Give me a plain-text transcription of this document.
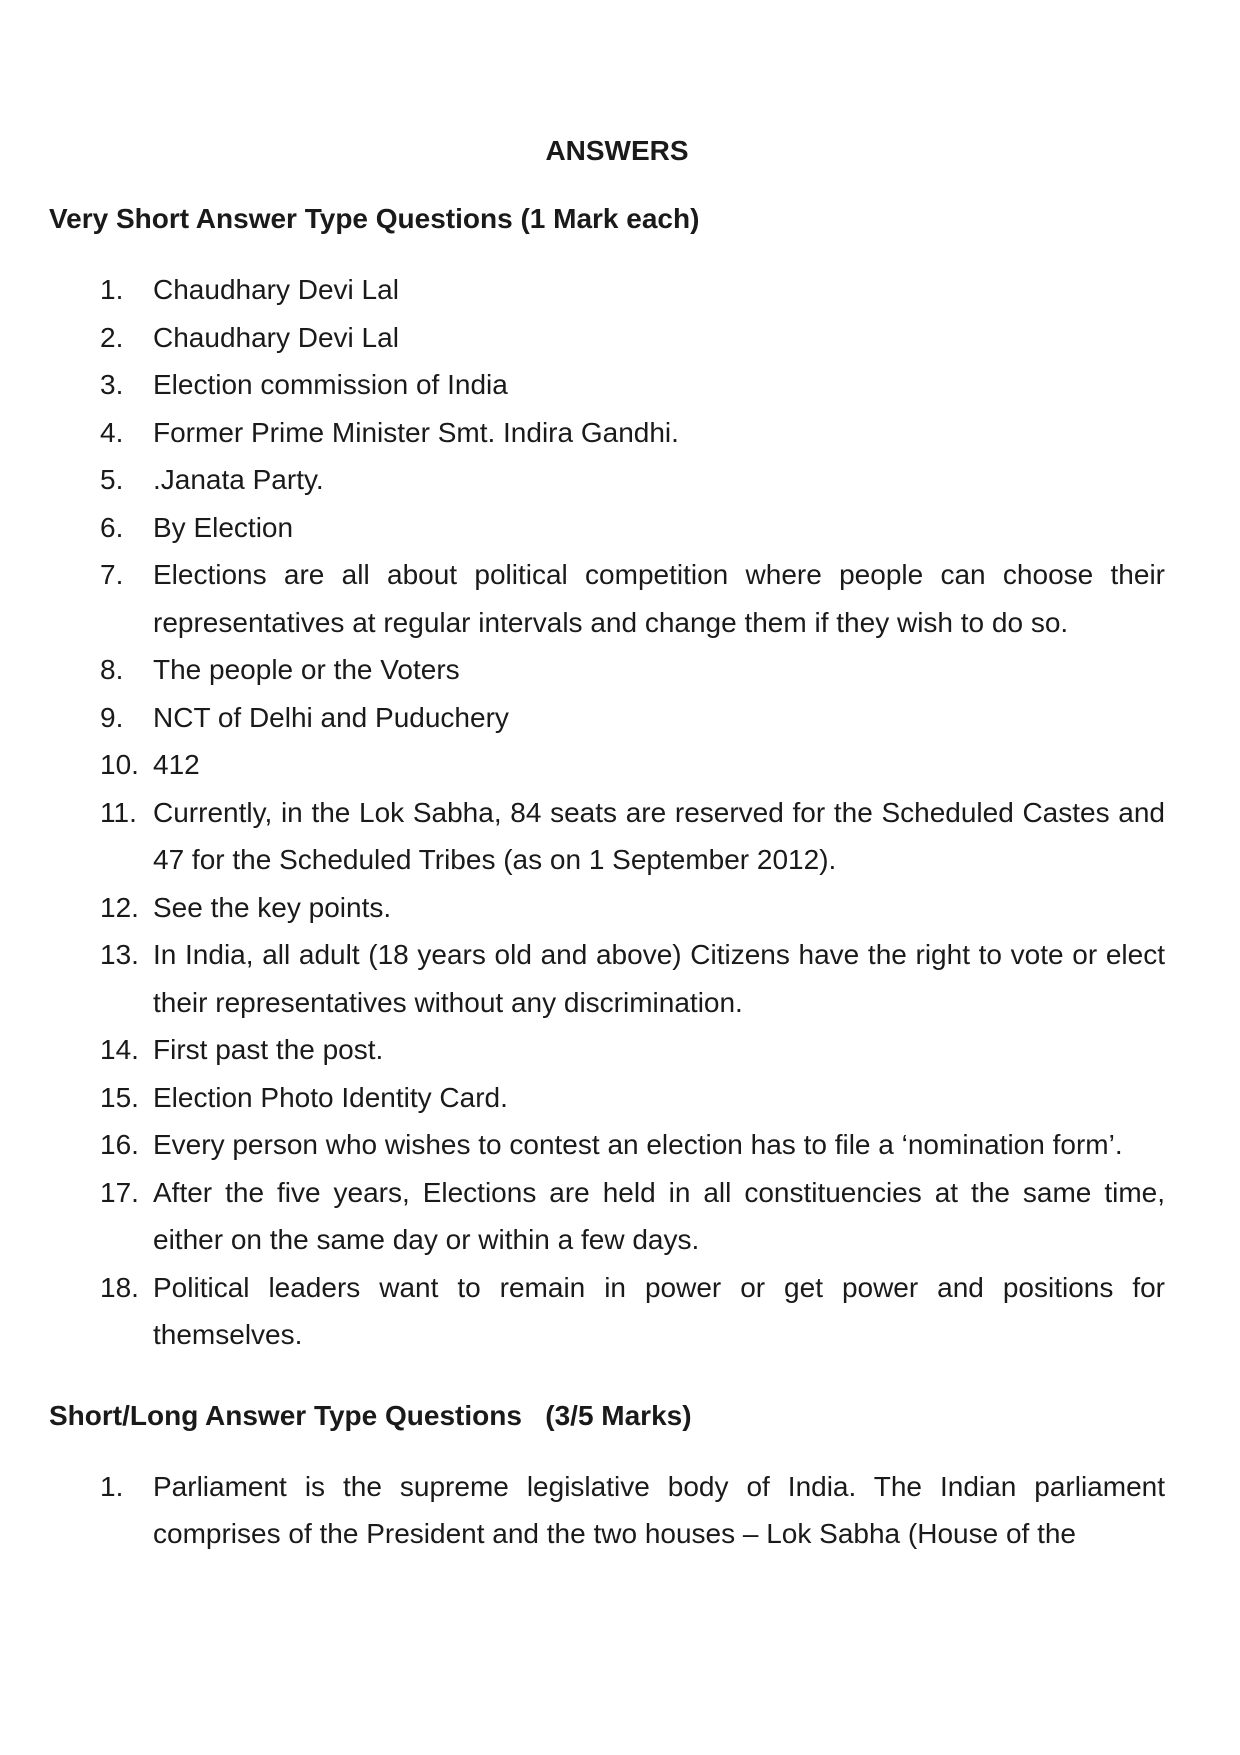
ANSWERS
Very Short Answer Type Questions (1 Mark each)
1.	Chaudhary Devi Lal
2.	Chaudhary Devi Lal
3.	Election commission of India
4.	Former Prime Minister Smt. Indira Gandhi.
5.	.Janata Party.
6.	By Election
7.	Elections are all about political competition where people can choose their representatives at regular intervals and change them if they wish to do so.
8.	The people or the Voters
9.	NCT of Delhi and Puduchery
10. 412
11. Currently, in the Lok Sabha, 84 seats are reserved for the Scheduled Castes and 47 for the Scheduled Tribes (as on 1 September 2012).
12. See the key points.
13. In India, all adult (18 years old and above) Citizens have the right to vote or elect their representatives without any discrimination.
14. First past the post.
15. Election Photo Identity Card.
16. Every person who wishes to contest an election has to file a ‘nomination form’.
17. After the five years, Elections are held in all constituencies at the same time, either on the same day or within a few days.
18. Political leaders want to remain in power or get power and positions for themselves.
Short/Long Answer Type Questions   (3/5 Marks)
1.	Parliament is the supreme legislative body of India. The Indian parliament comprises of the President and the two houses – Lok Sabha (House of the
